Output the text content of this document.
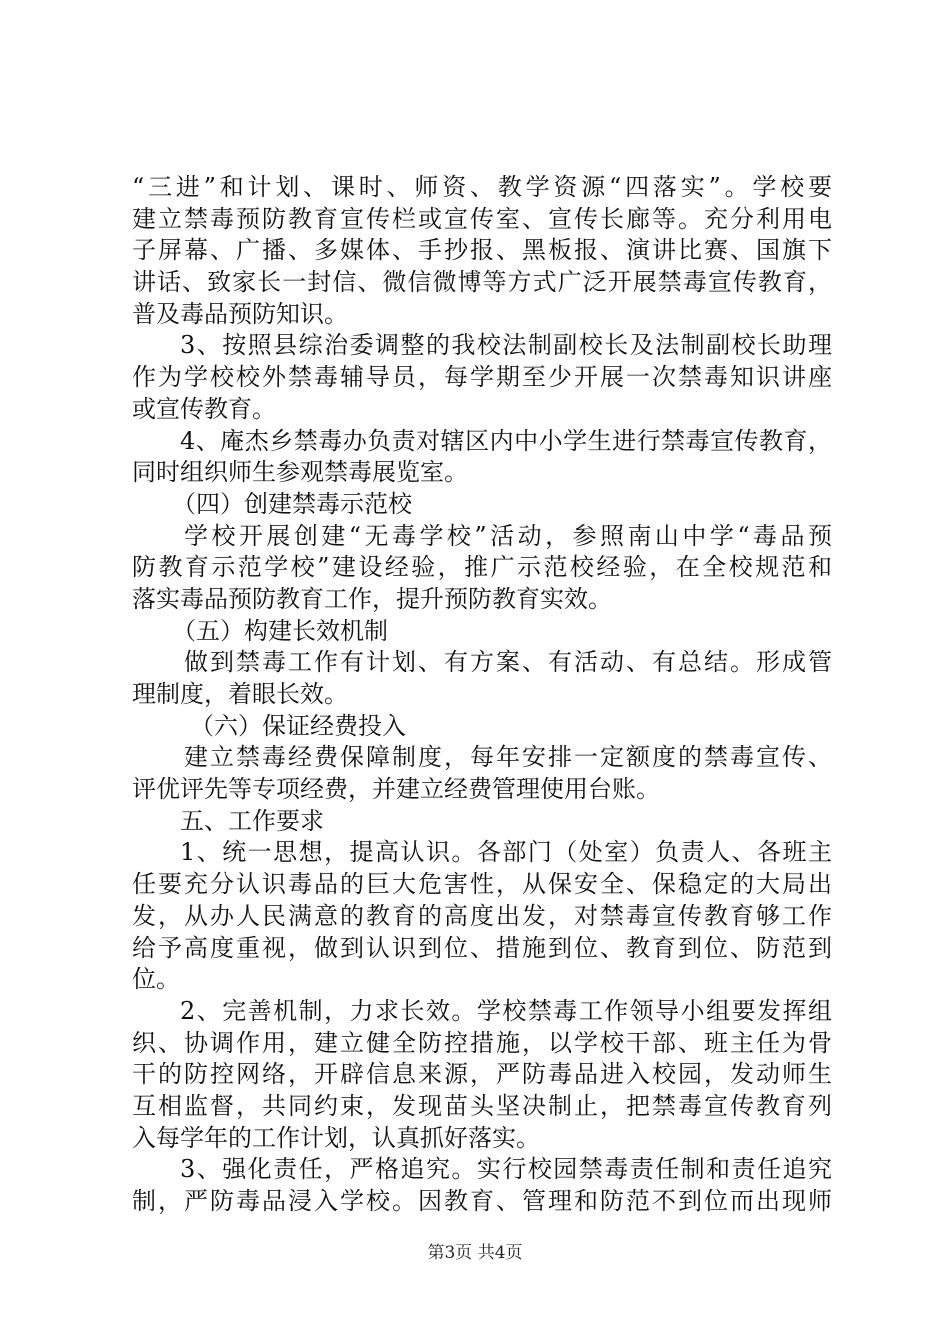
“三进”和计划、课时、师资、教学资源“四落实”。学校要
建立禁毒预防教育宣传栏或宣传室、宣传长廊等。充分利用电
子屏幕、广播、多媒体、手抄报、黑板报、演讲比赛、国旗下
讲话、致家长一封信、微信微博等方式广泛开展禁毒宣传教育，
普及毒品预防知识。
3、按照县综治委调整的我校法制副校长及法制副校长助理
作为学校校外禁毒辅导员，每学期至少开展一次禁毒知识讲座
或宣传教育。
4、庵杰乡禁毒办负责对辖区内中小学生进行禁毒宣传教育，
同时组织师生参观禁毒展览室。
（四）创建禁毒示范校
学校开展创建“无毒学校”活动，参照南山中学“毒品预
防教育示范学校”建设经验，推广示范校经验，在全校规范和
落实毒品预防教育工作，提升预防教育实效。
（五）构建长效机制
做到禁毒工作有计划、有方案、有活动、有总结。形成管
理制度，着眼长效。
（六）保证经费投入
建立禁毒经费保障制度，每年安排一定额度的禁毒宣传、
评优评先等专项经费，并建立经费管理使用台账。
五、工作要求
1、统一思想，提高认识。各部门（处室）负责人、各班主
任要充分认识毒品的巨大危害性，从保安全、保稳定的大局出
发，从办人民满意的教育的高度出发，对禁毒宣传教育够工作
给予高度重视，做到认识到位、措施到位、教育到位、防范到
位。
2、完善机制，力求长效。学校禁毒工作领导小组要发挥组
织、协调作用，建立健全防控措施，以学校干部、班主任为骨
干的防控网络，开辟信息来源，严防毒品进入校园，发动师生
互相监督，共同约束，发现苗头坚决制止，把禁毒宣传教育列
入每学年的工作计划，认真抓好落实。
3、强化责任，严格追究。实行校园禁毒责任制和责任追究
制，严防毒品浸入学校。因教育、管理和防范不到位而出现师
第3页 共4页
